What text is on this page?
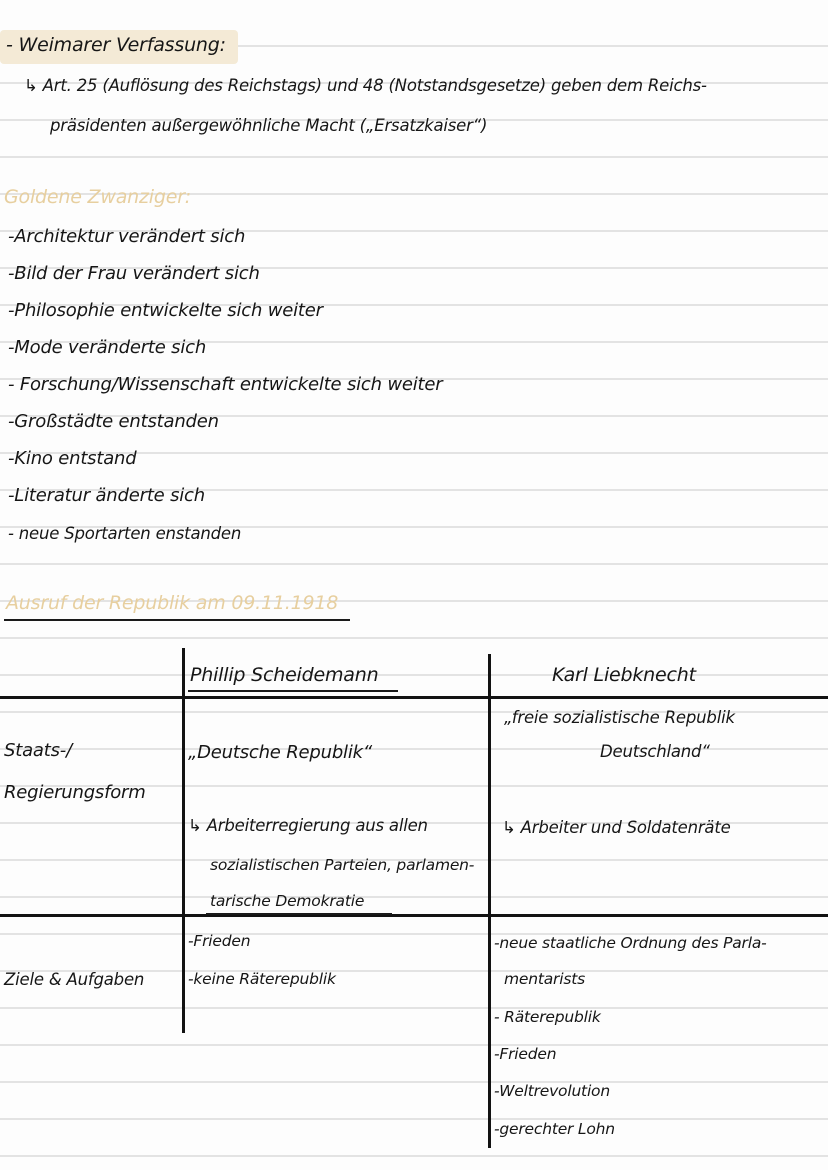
- Weimarer Verfassung:
↳ Art. 25 (Auflösung des Reichstags) und 48 (Notstandsgesetze) geben dem Reichs-
präsidenten außergewöhnliche Macht („Ersatzkaiser“)
Goldene Zwanziger:
-Architektur verändert sich
-Bild der Frau verändert sich
-Philosophie entwickelte sich weiter
-Mode veränderte sich
- Forschung/Wissenschaft entwickelte sich weiter
-Großstädte entstanden
-Kino entstand
-Literatur änderte sich
- neue Sportarten enstanden
Ausruf der Republik am 09.11.1918
Phillip Scheidemann	Karl Liebknecht
Staats-/
Regierungsform
„Deutsche Republik“
↳ Arbeiterregierung aus allen
sozialistischen Parteien, parlamen-
tarische Demokratie
„freie sozialistische Republik
Deutschland“
↳ Arbeiter und Soldatenräte
Ziele & Aufgaben
-Frieden
-keine Räterepublik
-neue staatliche Ordnung des Parla-
mentarists
- Räterepublik
-Frieden
-Weltrevolution
-gerechter Lohn
